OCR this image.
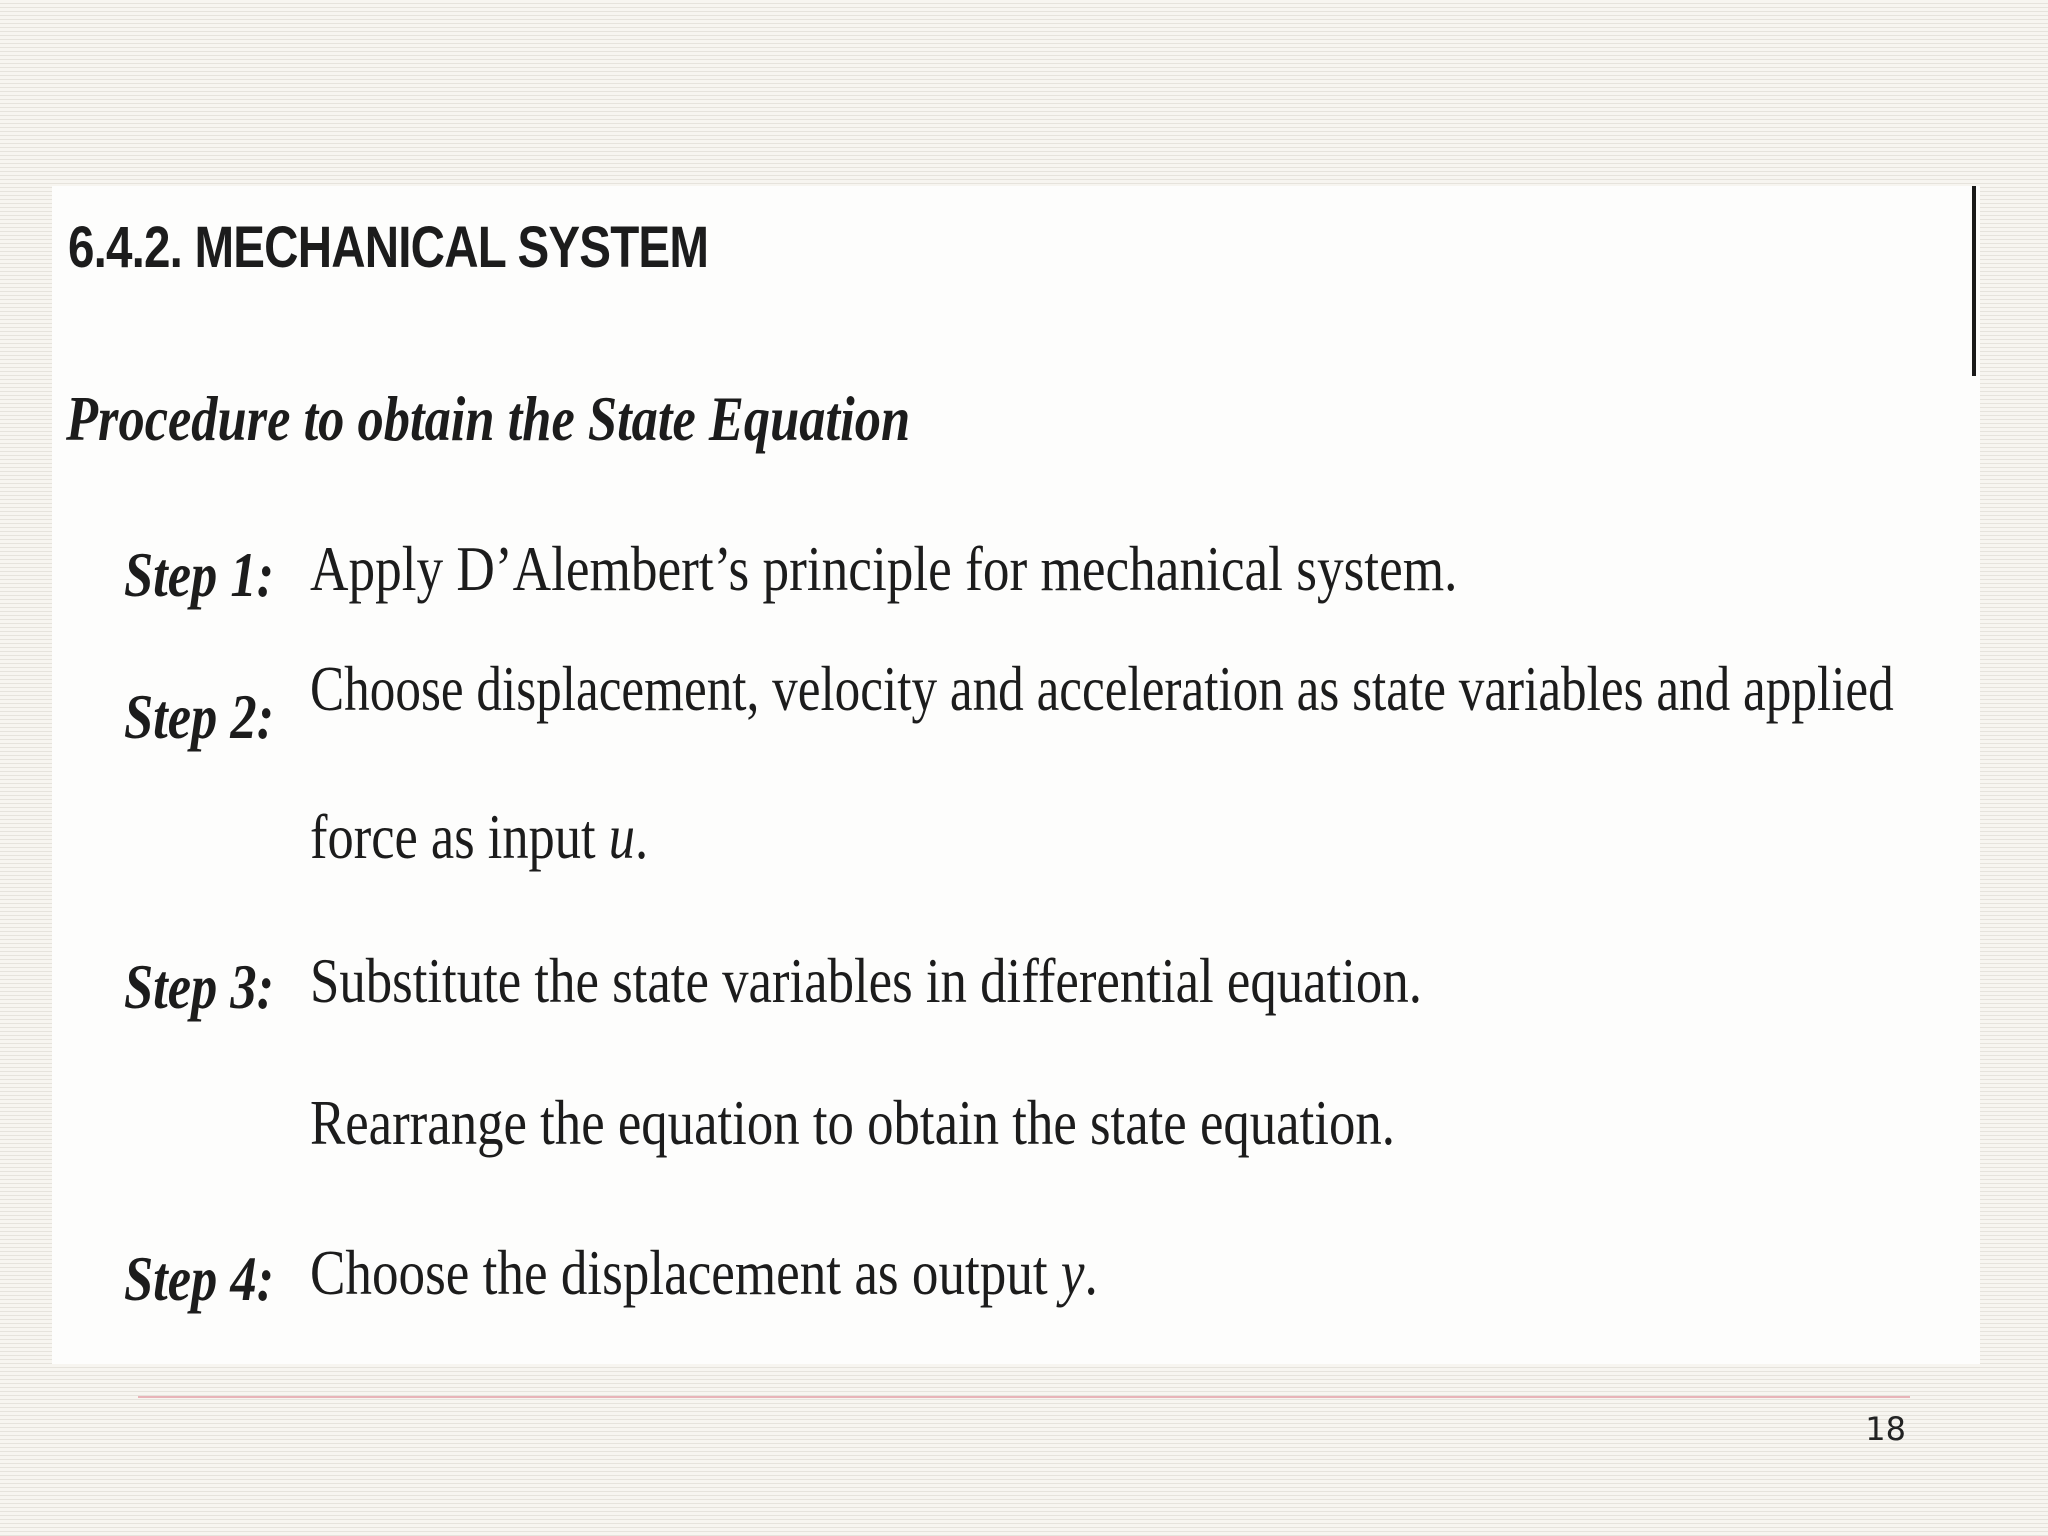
6.4.2. MECHANICAL SYSTEM
Procedure to obtain the State Equation
Step 1: Apply D’Alembert’s principle for mechanical system.
Step 2: Choose displacement, velocity and acceleration as state variables and applied
force as input u.
Step 3: Substitute the state variables in differential equation.
Rearrange the equation to obtain the state equation.
Step 4: Choose the displacement as output y.
18
